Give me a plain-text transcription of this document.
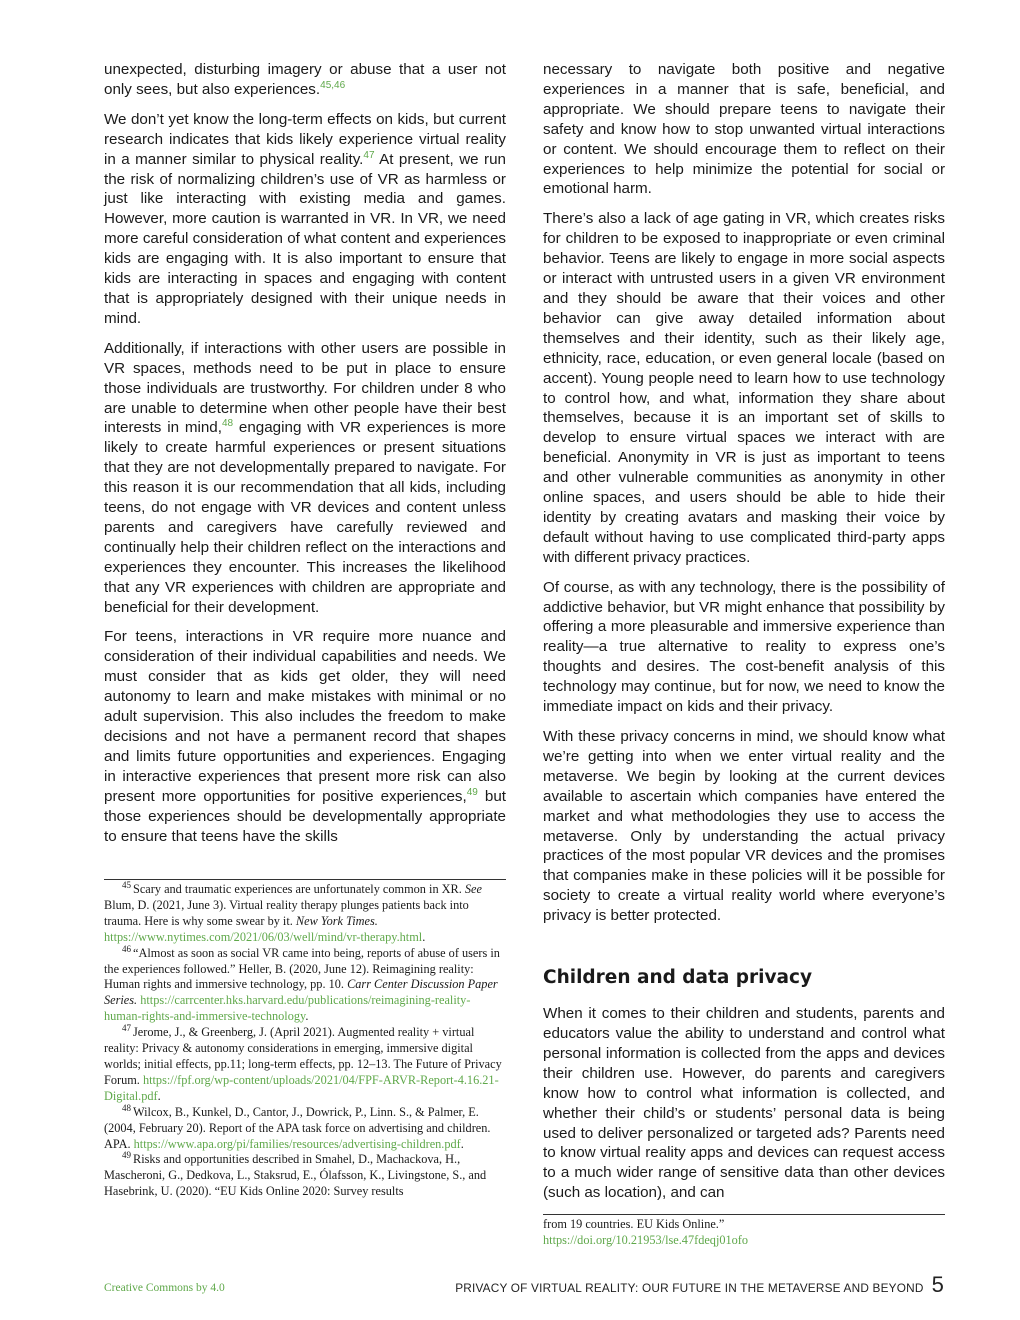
unexpected, disturbing imagery or abuse that a user not only sees, but also experiences.$^{45,46}$

We don’t yet know the long-term effects on kids, but current research indicates that kids likely experience virtual reality in a manner similar to physical reality.$^{47}$ At present, we run the risk of normalizing children’s use of VR as harmless or just like interacting with existing media and games. However, more caution is warranted in VR. In VR, we need more careful consideration of what content and experiences kids are engaging with. It is also important to ensure that kids are interacting in spaces and engaging with content that is appropriately designed with their unique needs in mind.

Additionally, if interactions with other users are possible in VR spaces, methods need to be put in place to ensure those individuals are trustworthy. For children under 8 who are unable to determine when other people have their best interests in mind,$^{48}$ engaging with VR experiences is more likely to create harmful experiences or present situations that they are not developmentally prepared to navigate. For this reason it is our recommendation that all kids, including teens, do not engage with VR devices and content unless parents and caregivers have carefully reviewed and continually help their children reflect on the interactions and experiences they encounter. This increases the likelihood that any VR experiences with children are appropriate and beneficial for their development.

For teens, interactions in VR require more nuance and consideration of their individual capabilities and needs. We must consider that as kids get older, they will need autonomy to learn and make mistakes with minimal or no adult supervision. This also includes the freedom to make decisions and not have a permanent record that shapes and limits future opportunities and experiences. Engaging in interactive experiences that present more risk can also present more opportunities for positive experiences,$^{49}$ but those experiences should be developmentally appropriate to ensure that teens have the skills

$^{45}$ Scary and traumatic experiences are unfortunately common in XR. See Blum, D. (2021, June 3). Virtual reality therapy plunges patients back into trauma. Here is why some swear by it. New York Times. https://www.nytimes.com/2021/06/03/well/mind/vr-therapy.html.

$^{46}$ “Almost as soon as social VR came into being, reports of abuse of users in the experiences followed.” Heller, B. (2020, June 12). Reimagining reality: Human rights and immersive technology, pp. 10. Carr Center Discussion Paper Series. https://carrcenter.hks.harvard.edu/publications/reimagining-reality-human-rights-and-immersive-technology.

$^{47}$ Jerome, J., & Greenberg, J. (April 2021). Augmented reality + virtual reality: Privacy & autonomy considerations in emerging, immersive digital worlds; initial effects, pp.11; long-term effects, pp. 12–13. The Future of Privacy Forum. https://fpf.org/wp-content/uploads/2021/04/FPF-ARVR-Report-4.16.21-Digital.pdf.

$^{48}$ Wilcox, B., Kunkel, D., Cantor, J., Dowrick, P., Linn. S., & Palmer, E. (2004, February 20). Report of the APA task force on advertising and children. APA. https://www.apa.org/pi/families/resources/advertising-children.pdf.

$^{49}$ Risks and opportunities described in Smahel, D., Machackova, H., Mascheroni, G., Dedkova, L., Staksrud, E., Ólafsson, K., Livingstone, S., and Hasebrink, U. (2020). “EU Kids Online 2020: Survey results

necessary to navigate both positive and negative experiences in a manner that is safe, beneficial, and appropriate. We should prepare teens to navigate their safety and know how to stop unwanted virtual interactions or content. We should encourage them to reflect on their experiences to help minimize the potential for social or emotional harm.

There’s also a lack of age gating in VR, which creates risks for children to be exposed to inappropriate or even criminal behavior. Teens are likely to engage in more social aspects or interact with untrusted users in a given VR environment and they should be aware that their voices and other behavior can give away detailed information about themselves and their identity, such as their likely age, ethnicity, race, education, or even general locale (based on accent). Young people need to learn how to use technology to control how, and what, information they share about themselves, because it is an important set of skills to develop to ensure virtual spaces we interact with are beneficial. Anonymity in VR is just as important to teens and other vulnerable communities as anonymity in other online spaces, and users should be able to hide their identity by creating avatars and masking their voice by default without having to use complicated third-party apps with different privacy practices.

Of course, as with any technology, there is the possibility of addictive behavior, but VR might enhance that possibility by offering a more pleasurable and immersive experience than reality—a true alternative to reality to express one’s thoughts and desires. The cost-benefit analysis of this technology may continue, but for now, we need to know the immediate impact on kids and their privacy.

With these privacy concerns in mind, we should know what we’re getting into when we enter virtual reality and the metaverse. We begin by looking at the current devices available to ascertain which companies have entered the market and what methodologies they use to access the metaverse. Only by understanding the actual privacy practices of the most popular VR devices and the promises that companies make in these policies will it be possible for society to create a virtual reality world where everyone’s privacy is better protected.

Children and data privacy

When it comes to their children and students, parents and educators value the ability to understand and control what personal information is collected from the apps and devices their children use. However, do parents and caregivers know how to control what information is collected, and whether their child’s or students’ personal data is being used to deliver personalized or targeted ads? Parents need to know virtual reality apps and devices can request access to a much wider range of sensitive data than other devices (such as location), and can

from 19 countries. EU Kids Online.”
https://doi.org/10.21953/lse.47fdeqj01ofo

Creative Commons by 4.0	PRIVACY OF VIRTUAL REALITY: OUR FUTURE IN THE METAVERSE AND BEYOND 5
